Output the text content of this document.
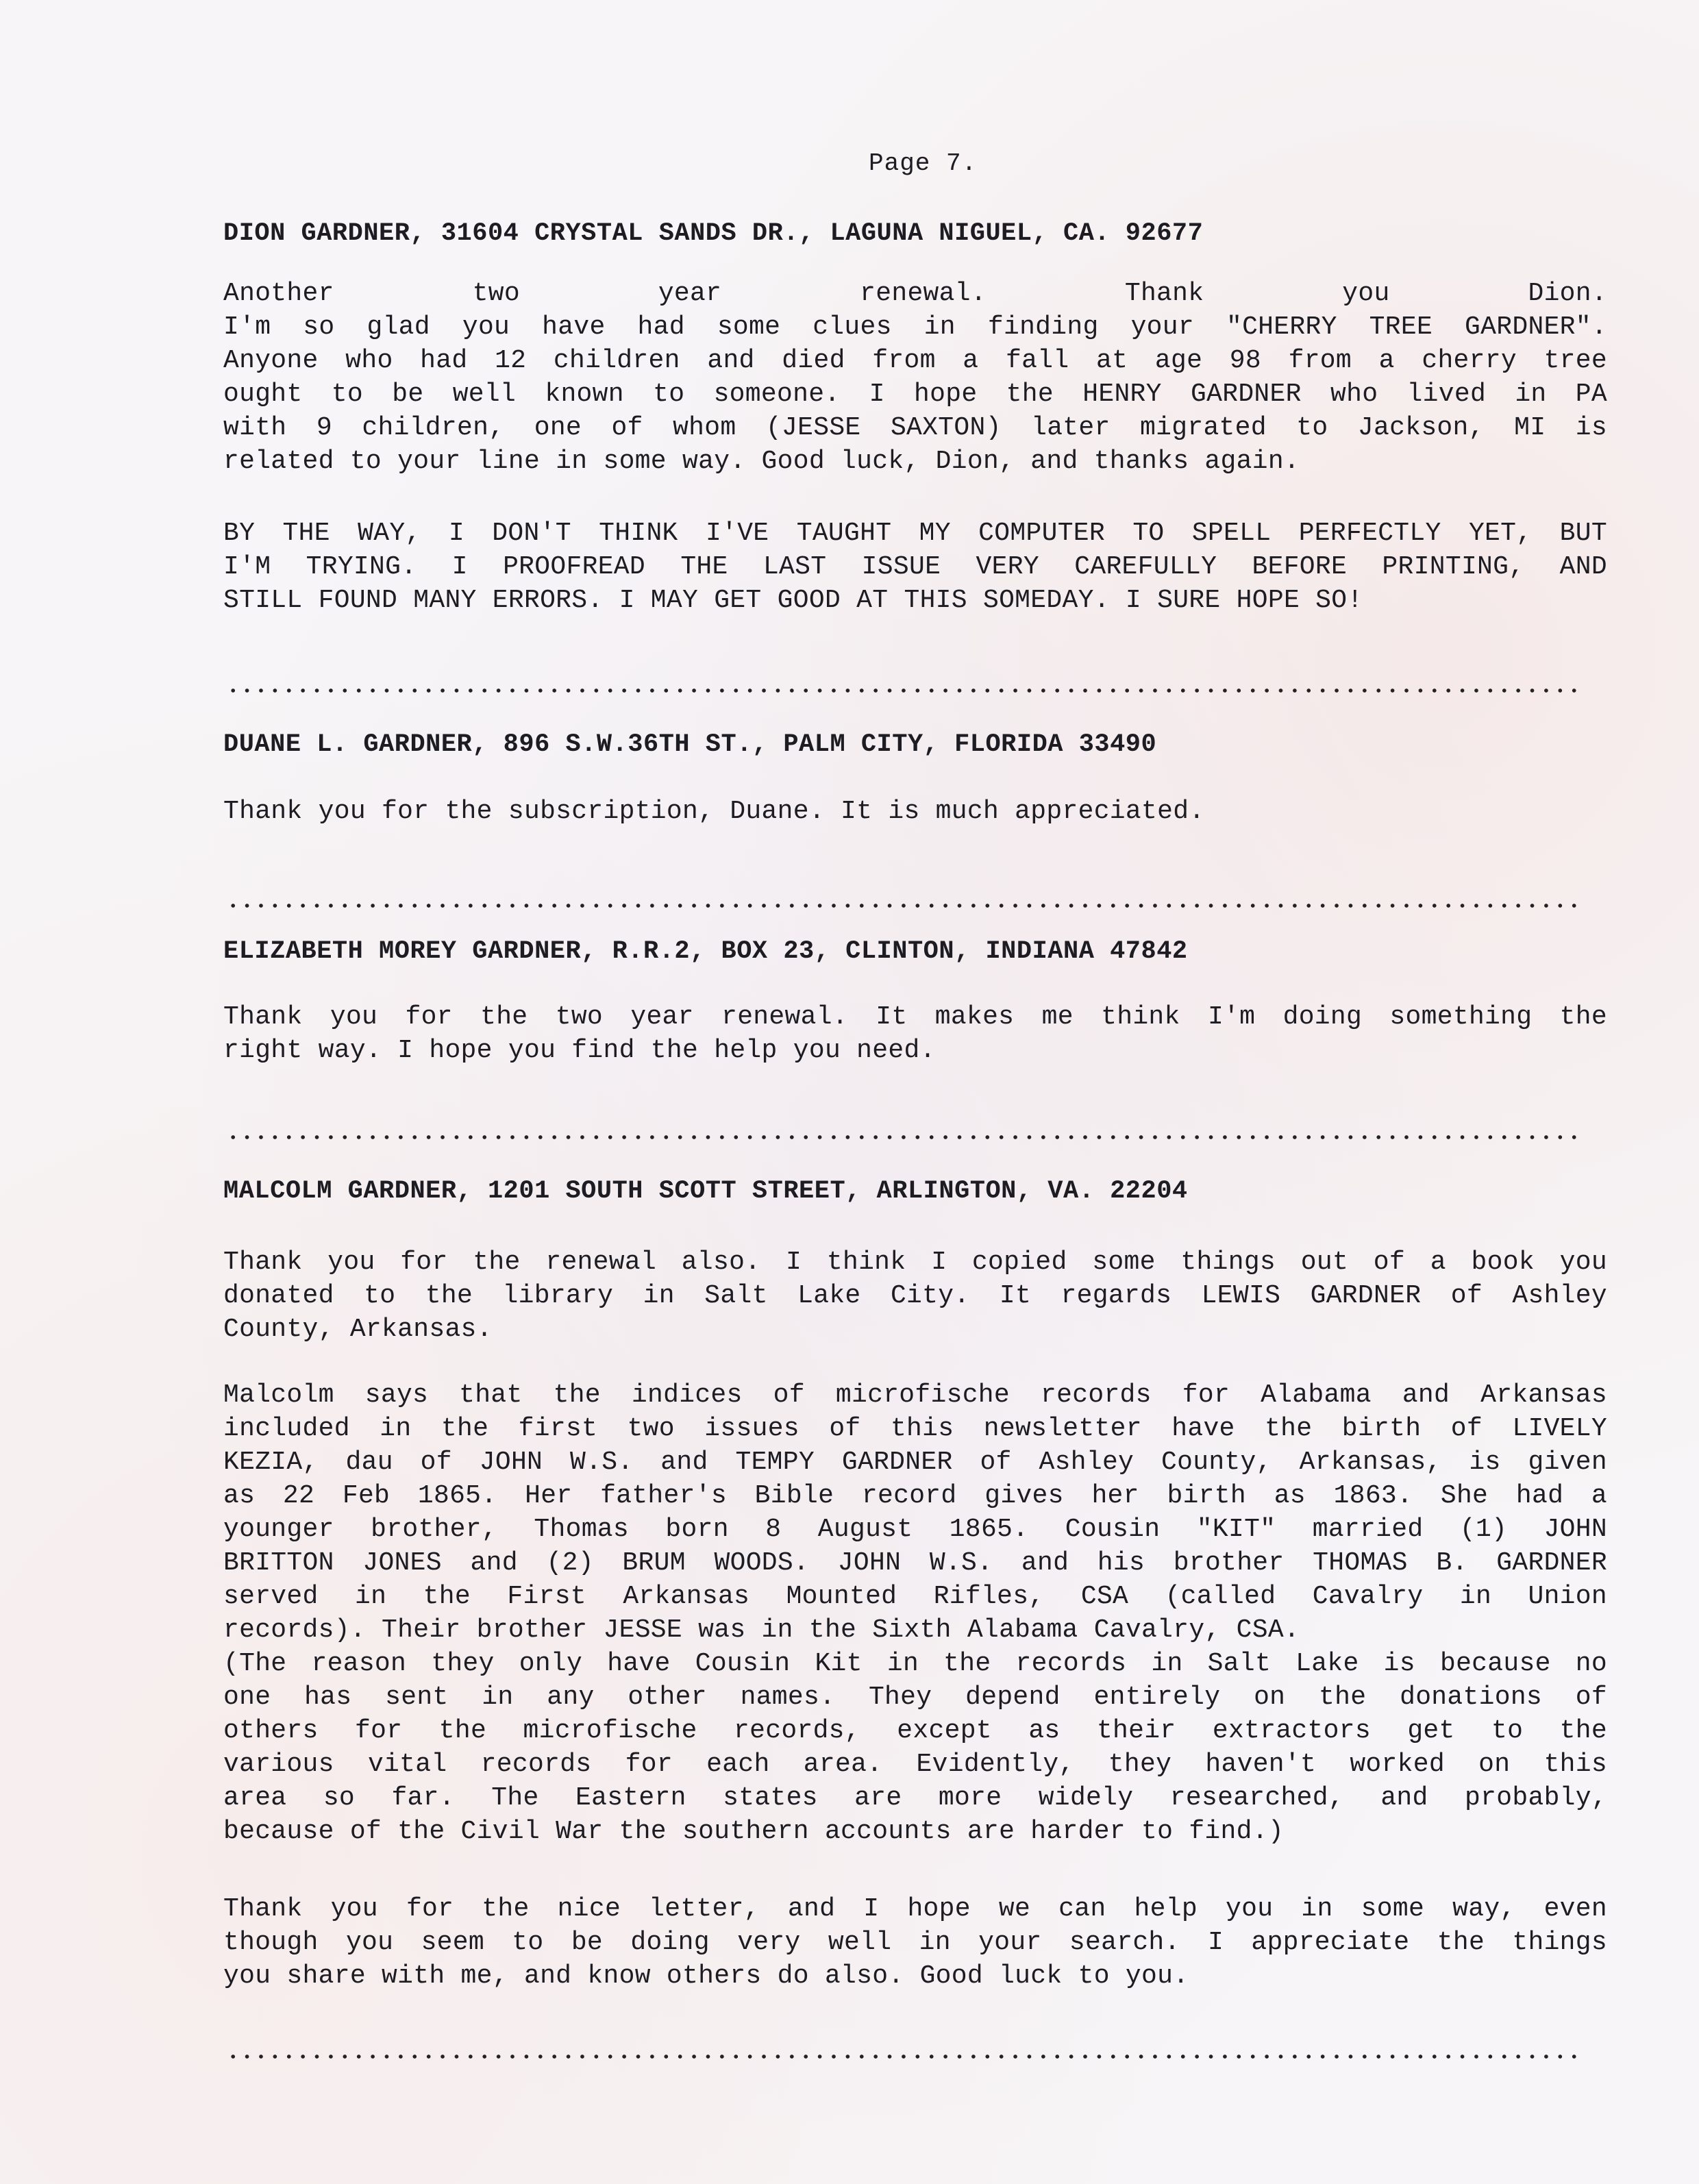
Page 7.
DION GARDNER, 31604 CRYSTAL SANDS DR., LAGUNA NIGUEL, CA. 92677
Another two year renewal. Thank you Dion.
I'm so glad you have had some clues in finding your "CHERRY TREE GARDNER".
Anyone who had 12 children and died from a fall at age 98 from a cherry tree
ought to be well known to someone. I hope the HENRY GARDNER who lived in PA
with 9 children, one of whom (JESSE SAXTON) later migrated to Jackson, MI is
related to your line in some way. Good luck, Dion, and thanks again.
BY THE WAY, I DON'T THINK I'VE TAUGHT MY COMPUTER TO SPELL PERFECTLY YET, BUT
I'M TRYING. I PROOFREAD THE LAST ISSUE VERY CAREFULLY BEFORE PRINTING, AND
STILL FOUND MANY ERRORS. I MAY GET GOOD AT THIS SOMEDAY. I SURE HOPE SO!
DUANE L. GARDNER, 896 S.W.36TH ST., PALM CITY, FLORIDA 33490
Thank you for the subscription, Duane. It is much appreciated.
ELIZABETH MOREY GARDNER, R.R.2, BOX 23, CLINTON, INDIANA 47842
Thank you for the two year renewal. It makes me think I'm doing something the
right way. I hope you find the help you need.
MALCOLM GARDNER, 1201 SOUTH SCOTT STREET, ARLINGTON, VA. 22204
Thank you for the renewal also. I think I copied some things out of a book you
donated to the library in Salt Lake City. It regards LEWIS GARDNER of Ashley
County, Arkansas.
Malcolm says that the indices of microfische records for Alabama and Arkansas
included in the first two issues of this newsletter have the birth of LIVELY
KEZIA, dau of JOHN W.S. and TEMPY GARDNER of Ashley County, Arkansas, is given
as 22 Feb 1865. Her father's Bible record gives her birth as 1863. She had a
younger brother, Thomas born 8 August 1865. Cousin "KIT" married (1) JOHN
BRITTON JONES and (2) BRUM WOODS. JOHN W.S. and his brother THOMAS B. GARDNER
served in the First Arkansas Mounted Rifles, CSA (called Cavalry in Union
records). Their brother JESSE was in the Sixth Alabama Cavalry, CSA.
(The reason they only have Cousin Kit in the records in Salt Lake is because no
one has sent in any other names. They depend entirely on the donations of
others for the microfische records, except as their extractors get to the
various vital records for each area. Evidently, they haven't worked on this
area so far. The Eastern states are more widely researched, and probably,
because of the Civil War the southern accounts are harder to find.)
Thank you for the nice letter, and I hope we can help you in some way, even
though you seem to be doing very well in your search. I appreciate the things
you share with me, and know others do also. Good luck to you.
